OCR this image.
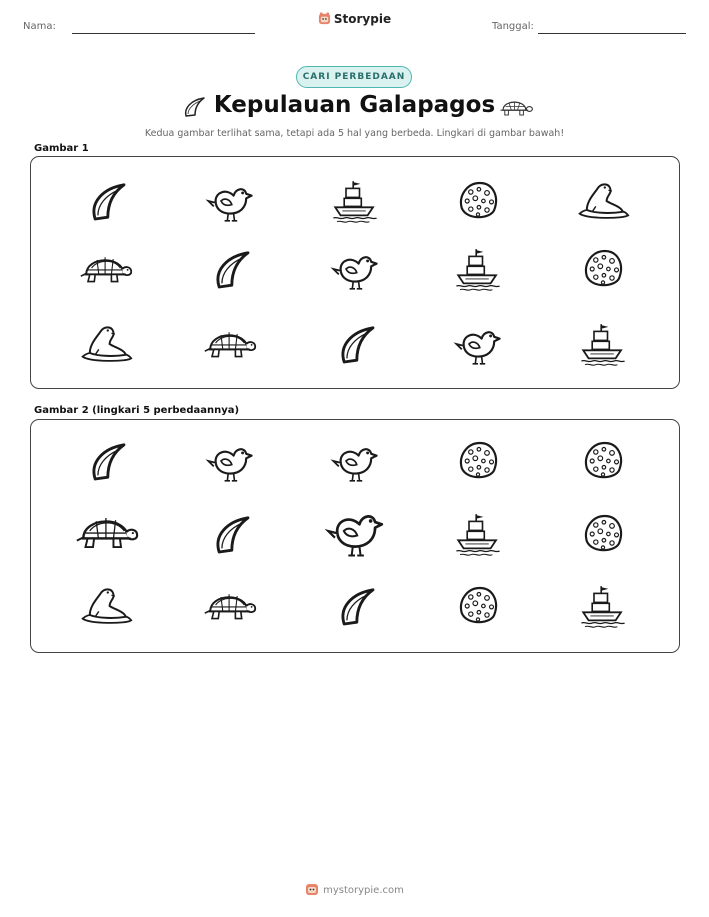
Nama:
Storypie
Tanggal:
CARI PERBEDAAN
Kepulauan Galapagos
Kedua gambar terlihat sama, tetapi ada 5 hal yang berbeda. Lingkari di gambar bawah!
Gambar 1
Gambar 2 (lingkari 5 perbedaannya)
mystorypie.com
